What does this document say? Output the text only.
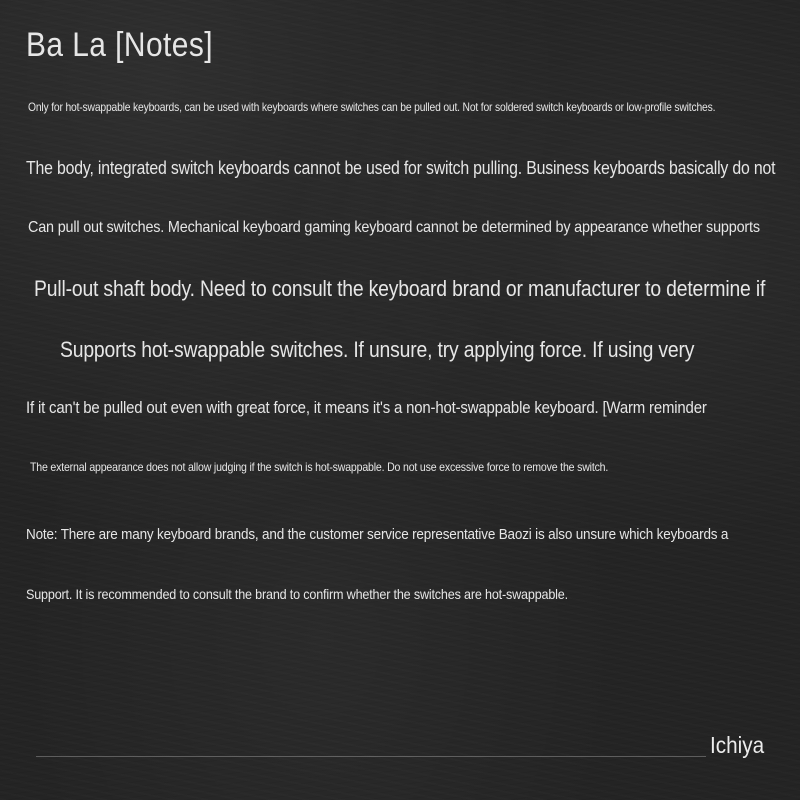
Ba La [Notes]
Only for hot-swappable keyboards, can be used with keyboards where switches can be pulled out. Not for soldered switch keyboards or low-profile switches.
The body, integrated switch keyboards cannot be used for switch pulling. Business keyboards basically do not
Can pull out switches. Mechanical keyboard gaming keyboard cannot be determined by appearance whether supports
Pull-out shaft body. Need to consult the keyboard brand or manufacturer to determine if
Supports hot-swappable switches. If unsure, try applying force. If using very
If it can't be pulled out even with great force, it means it's a non-hot-swappable keyboard. [Warm reminder
The external appearance does not allow judging if the switch is hot-swappable. Do not use excessive force to remove the switch.
Note: There are many keyboard brands, and the customer service representative Baozi is also unsure which keyboards a
Support. It is recommended to consult the brand to confirm whether the switches are hot-swappable.
Ichiya
